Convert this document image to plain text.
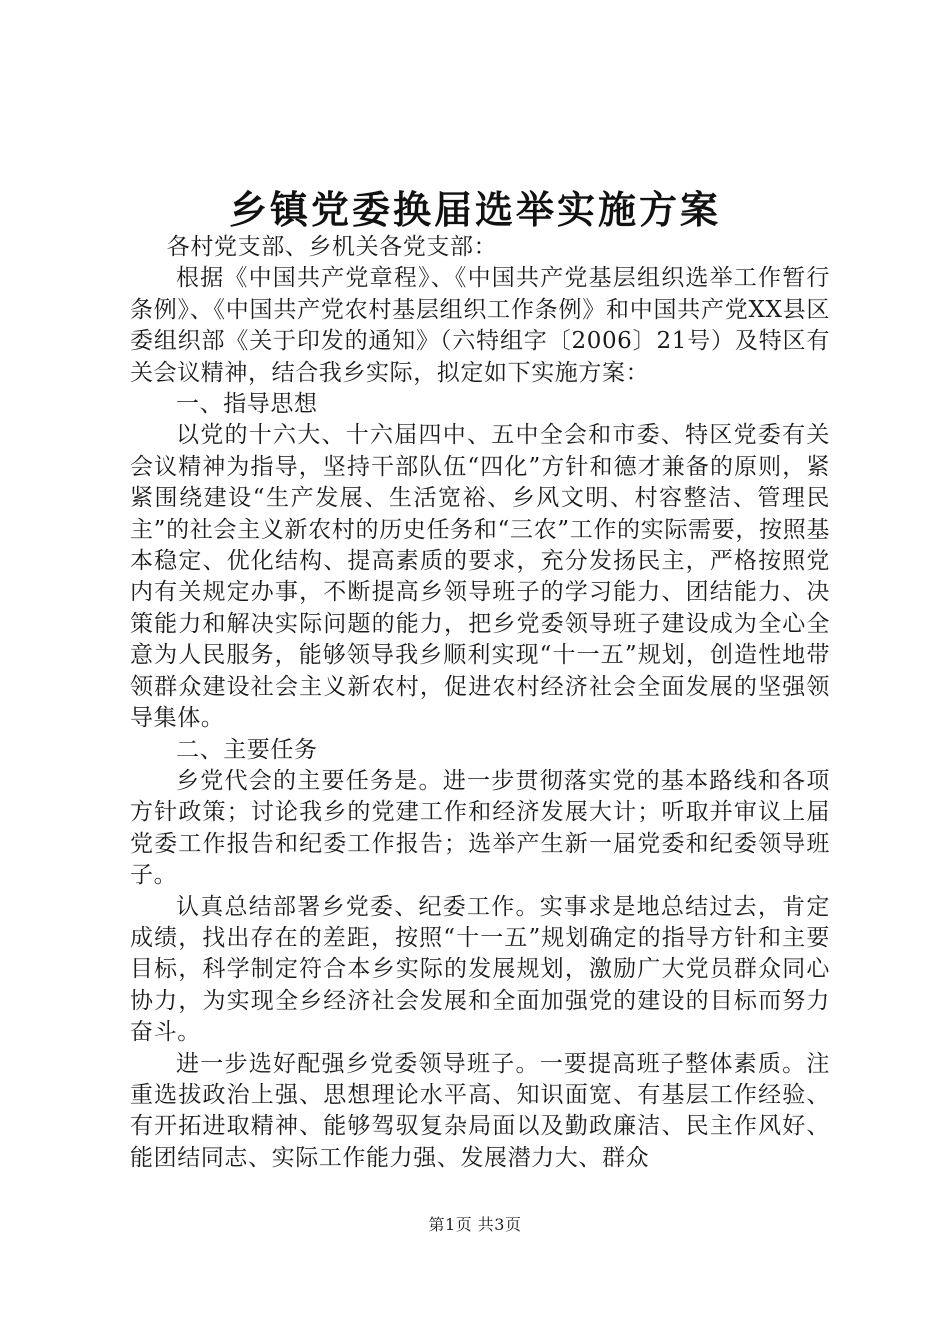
乡镇党委换届选举实施方案

各村党支部、乡机关各党支部：

根据《中国共产党章程》、《中国共产党基层组织选举工作暂行条例》、《中国共产党农村基层组织工作条例》和中国共产党XX县区委组织部《关于印发的通知》（六特组字〔2006〕21号）及特区有关会议精神，结合我乡实际，拟定如下实施方案：

一、指导思想

以党的十六大、十六届四中、五中全会和市委、特区党委有关会议精神为指导，坚持干部队伍“四化”方针和德才兼备的原则，紧紧围绕建设“生产发展、生活宽裕、乡风文明、村容整洁、管理民主”的社会主义新农村的历史任务和“三农”工作的实际需要，按照基本稳定、优化结构、提高素质的要求，充分发扬民主，严格按照党内有关规定办事，不断提高乡领导班子的学习能力、团结能力、决策能力和解决实际问题的能力，把乡党委领导班子建设成为全心全意为人民服务，能够领导我乡顺利实现“十一五”规划，创造性地带领群众建设社会主义新农村，促进农村经济社会全面发展的坚强领导集体。

二、主要任务

乡党代会的主要任务是。进一步贯彻落实党的基本路线和各项方针政策；讨论我乡的党建工作和经济发展大计；听取并审议上届党委工作报告和纪委工作报告；选举产生新一届党委和纪委领导班子。

认真总结部署乡党委、纪委工作。实事求是地总结过去，肯定成绩，找出存在的差距，按照“十一五”规划确定的指导方针和主要目标，科学制定符合本乡实际的发展规划，激励广大党员群众同心协力，为实现全乡经济社会发展和全面加强党的建设的目标而努力奋斗。

进一步选好配强乡党委领导班子。一要提高班子整体素质。注重选拔政治上强、思想理论水平高、知识面宽、有基层工作经验、有开拓进取精神、能够驾驭复杂局面以及勤政廉洁、民主作风好、能团结同志、实际工作能力强、发展潜力大、群众

第1页 共3页
